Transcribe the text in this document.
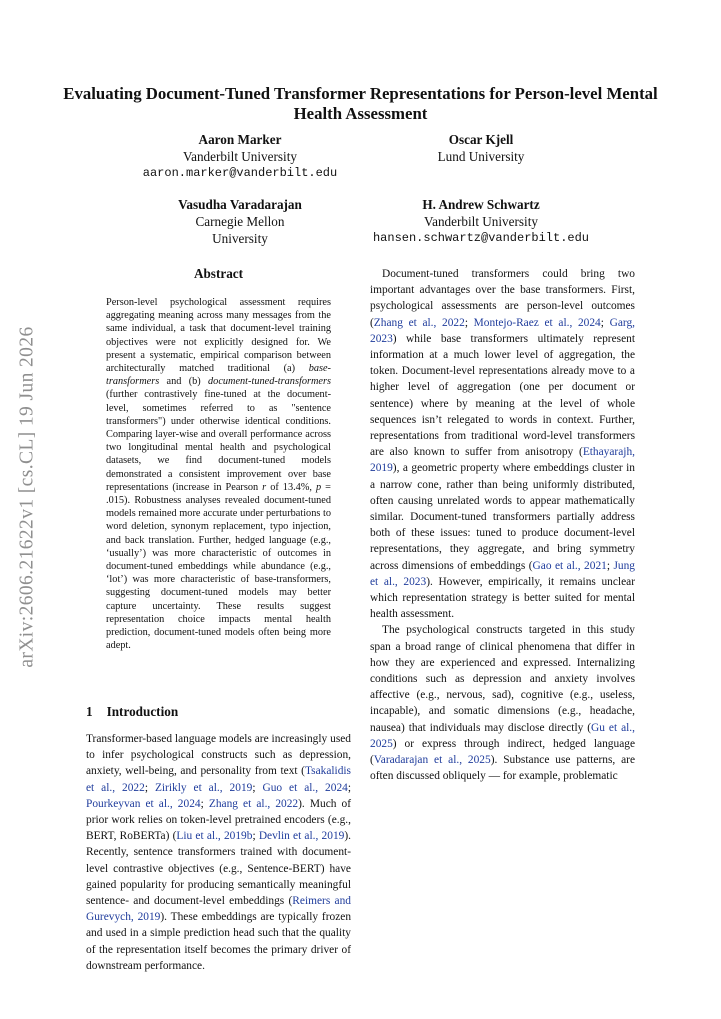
arXiv:2606.21622v1 [cs.CL] 19 Jun 2026
Evaluating Document-Tuned Transformer Representations for Person-level Mental Health Assessment
Aaron Marker
Vanderbilt University
aaron.marker@vanderbilt.edu
Oscar Kjell
Lund University
Vasudha Varadarajan
Carnegie Mellon
University
H. Andrew Schwartz
Vanderbilt University
hansen.schwartz@vanderbilt.edu
Abstract
Person-level psychological assessment requires aggregating meaning across many messages from the same individual, a task that document-level training objectives were not explicitly designed for. We present a systematic, empirical comparison between architecturally matched traditional (a) base-transformers and (b) document-tuned-transformers (further contrastively fine-tuned at the document-level, sometimes referred to as "sentence transformers") under otherwise identical conditions. Comparing layer-wise and overall performance across two longitudinal mental health and psychological datasets, we find document-tuned models demonstrated a consistent improvement over base representations (increase in Pearson r of 13.4%, p = .015). Robustness analyses revealed document-tuned models remained more accurate under perturbations to word deletion, synonym replacement, typo injection, and back translation. Further, hedged language (e.g., ‘usually’) was more characteristic of outcomes in document-tuned embeddings while abundance (e.g., ‘lot’) was more characteristic of base-transformers, suggesting document-tuned models may better capture uncertainty. These results suggest representation choice impacts mental health prediction, document-tuned models often being more adept.
1 Introduction

Transformer-based language models are increasingly used to infer psychological constructs such as depression, anxiety, well-being, and personality from text (Tsakalidis et al., 2022; Zirikly et al., 2019; Guo et al., 2024; Pourkeyvan et al., 2024; Zhang et al., 2022). Much of prior work relies on token-level pretrained encoders (e.g., BERT, RoBERTa) (Liu et al., 2019b; Devlin et al., 2019). Recently, sentence transformers trained with document-level contrastive objectives (e.g., Sentence-BERT) have gained popularity for producing semantically meaningful sentence- and document-level embeddings (Reimers and Gurevych, 2019). These embeddings are typically frozen and used in a simple prediction head such that the quality of the representation itself becomes the primary driver of downstream performance.

Document-tuned transformers could bring two important advantages over the base transformers. First, psychological assessments are person-level outcomes (Zhang et al., 2022; Montejo-Raez et al., 2024; Garg, 2023) while base transformers ultimately represent information at a much lower level of aggregation, the token. Document-level representations already move to a higher level of aggregation (one per document or sentence) where by meaning at the level of whole sequences isn’t relegated to words in context. Further, representations from traditional word-level transformers are also known to suffer from anisotropy (Ethayarajh, 2019), a geometric property where embeddings cluster in a narrow cone, rather than being uniformly distributed, often causing unrelated words to appear mathematically similar. Document-tuned transformers partially address both of these issues: tuned to produce document-level representations, they aggregate, and bring symmetry across dimensions of embeddings (Gao et al., 2021; Jung et al., 2023). However, empirically, it remains unclear which representation strategy is better suited for mental health assessment.

The psychological constructs targeted in this study span a broad range of clinical phenomena that differ in how they are experienced and expressed. Internalizing conditions such as depression and anxiety involves affective (e.g., nervous, sad), cognitive (e.g., useless, incapable), and somatic dimensions (e.g., headache, nausea) that individuals may disclose directly (Gu et al., 2025) or express through indirect, hedged language (Varadarajan et al., 2025). Substance use patterns, are often discussed obliquely — for example, problematic
